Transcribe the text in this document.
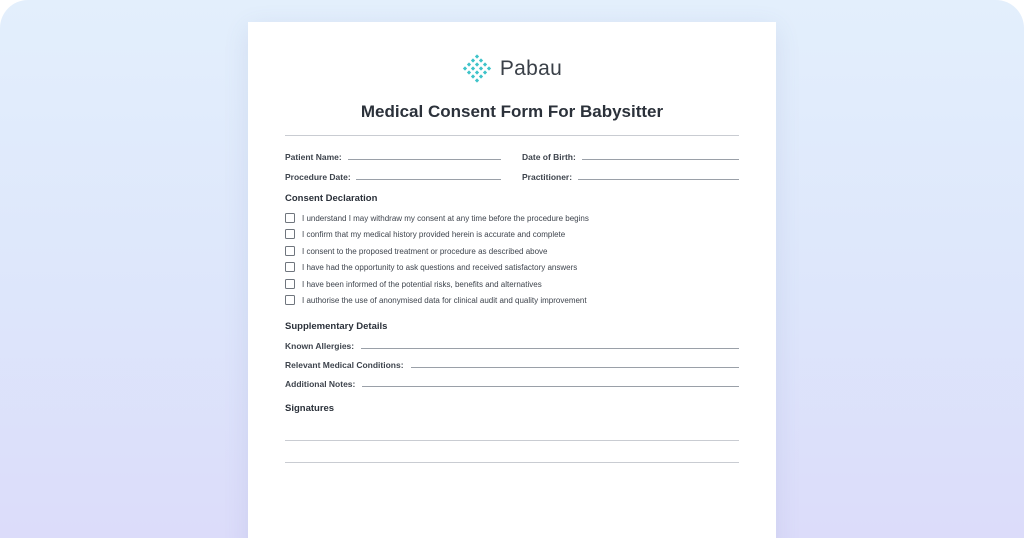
Pabau
Medical Consent Form For Babysitter
Patient Name:	Date of Birth:
Procedure Date:	Practitioner:
Consent Declaration
I understand I may withdraw my consent at any time before the procedure begins
I confirm that my medical history provided herein is accurate and complete
I consent to the proposed treatment or procedure as described above
I have had the opportunity to ask questions and received satisfactory answers
I have been informed of the potential risks, benefits and alternatives
I authorise the use of anonymised data for clinical audit and quality improvement
Supplementary Details
Known Allergies:
Relevant Medical Conditions:
Additional Notes:
Signatures
